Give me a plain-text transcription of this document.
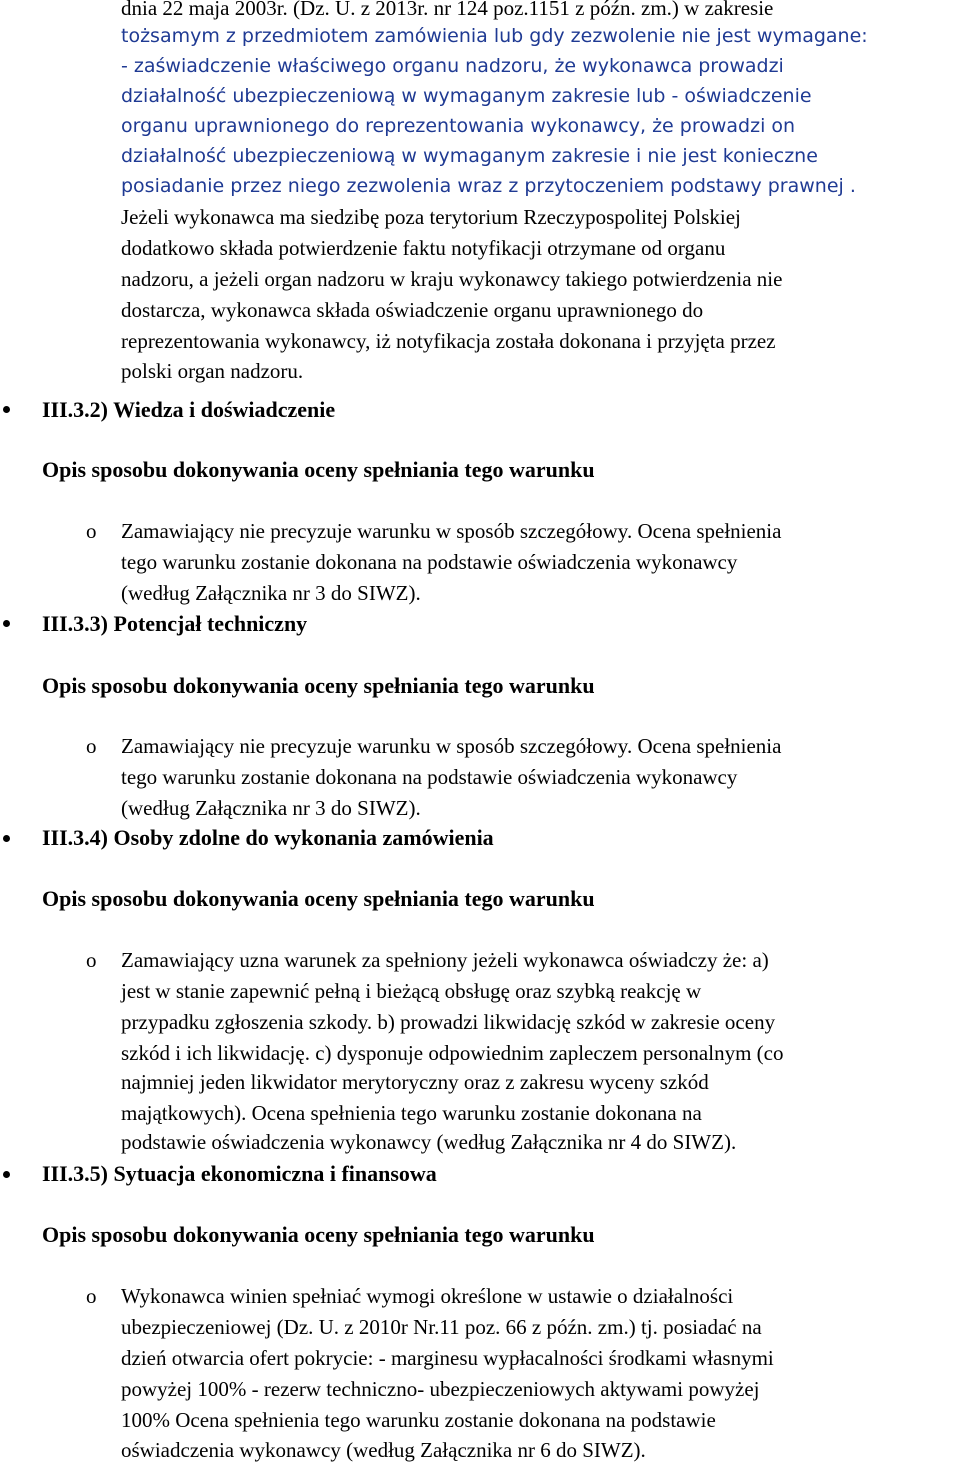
dnia 22 maja 2003r. (Dz. U. z 2013r. nr 124 poz.1151 z późn. zm.) w zakresie
tożsamym z przedmiotem zamówienia lub gdy zezwolenie nie jest wymagane:
- zaświadczenie właściwego organu nadzoru, że wykonawca prowadzi
działalność ubezpieczeniową w wymaganym zakresie lub - oświadczenie
organu uprawnionego do reprezentowania wykonawcy, że prowadzi on
działalność ubezpieczeniową w wymaganym zakresie i nie jest konieczne
posiadanie przez niego zezwolenia wraz z przytoczeniem podstawy prawnej .
Jeżeli wykonawca ma siedzibę poza terytorium Rzeczypospolitej Polskiej
dodatkowo składa potwierdzenie faktu notyfikacji otrzymane od organu
nadzoru, a jeżeli organ nadzoru w kraju wykonawcy takiego potwierdzenia nie
dostarcza, wykonawca składa oświadczenie organu uprawnionego do
reprezentowania wykonawcy, iż notyfikacja została dokonana i przyjęta przez
polski organ nadzoru.
III.3.2) Wiedza i doświadczenie
Opis sposobu dokonywania oceny spełniania tego warunku
o Zamawiający nie precyzuje warunku w sposób szczegółowy. Ocena spełnienia
tego warunku zostanie dokonana na podstawie oświadczenia wykonawcy
(według Załącznika nr 3 do SIWZ).
III.3.3) Potencjał techniczny
Opis sposobu dokonywania oceny spełniania tego warunku
o Zamawiający nie precyzuje warunku w sposób szczegółowy. Ocena spełnienia
tego warunku zostanie dokonana na podstawie oświadczenia wykonawcy
(według Załącznika nr 3 do SIWZ).
III.3.4) Osoby zdolne do wykonania zamówienia
Opis sposobu dokonywania oceny spełniania tego warunku
o Zamawiający uzna warunek za spełniony jeżeli wykonawca oświadczy że: a)
jest w stanie zapewnić pełną i bieżącą obsługę oraz szybką reakcję w
przypadku zgłoszenia szkody. b) prowadzi likwidację szkód w zakresie oceny
szkód i ich likwidację. c) dysponuje odpowiednim zapleczem personalnym (co
najmniej jeden likwidator merytoryczny oraz z zakresu wyceny szkód
majątkowych). Ocena spełnienia tego warunku zostanie dokonana na
podstawie oświadczenia wykonawcy (według Załącznika nr 4 do SIWZ).
III.3.5) Sytuacja ekonomiczna i finansowa
Opis sposobu dokonywania oceny spełniania tego warunku
o Wykonawca winien spełniać wymogi określone w ustawie o działalności
ubezpieczeniowej (Dz. U. z 2010r Nr.11 poz. 66 z późn. zm.) tj. posiadać na
dzień otwarcia ofert pokrycie: - marginesu wypłacalności środkami własnymi
powyżej 100% - rezerw techniczno- ubezpieczeniowych aktywami powyżej
100% Ocena spełnienia tego warunku zostanie dokonana na podstawie
oświadczenia wykonawcy (według Załącznika nr 6 do SIWZ).
